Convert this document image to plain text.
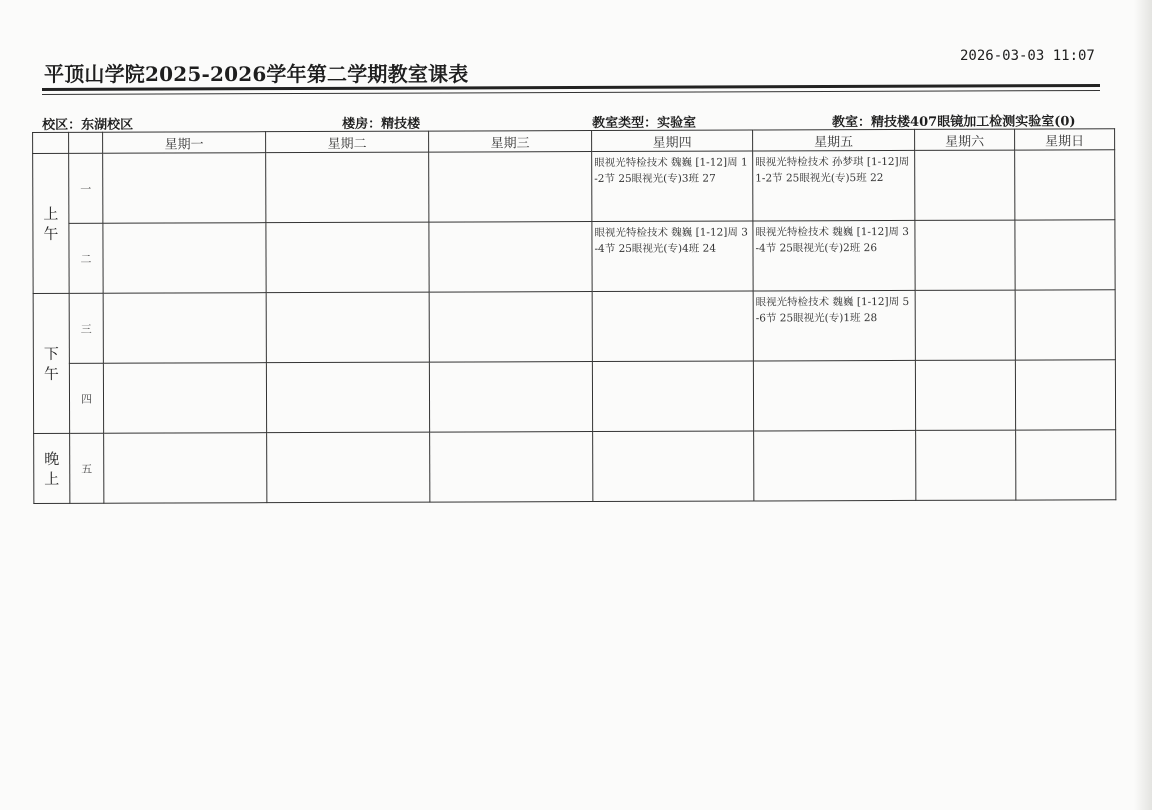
平顶山学院2025-2026学年第二学期教室课表
2026-03-03 11:07
校区：东湖校区	楼房：精技楼	教室类型：实验室	教室：精技楼407眼镜加工检测实验室(0)
		星期一	星期二	星期三	星期四	星期五	星期六	星期日

上午	一				眼视光特检技术 魏巍 [1-12]周 1-2节 25眼视光(专)3班 27	眼视光特检技术 孙梦琪 [1-12]周 1-2节 25眼视光(专)5班 22		

	二				眼视光特检技术 魏巍 [1-12]周 3-4节 25眼视光(专)4班 24	眼视光特检技术 魏巍 [1-12]周 3-4节 25眼视光(专)2班 26		

下午	三					眼视光特检技术 魏巍 [1-12]周 5-6节 25眼视光(专)1班 28		

	四							

晚上	五							
